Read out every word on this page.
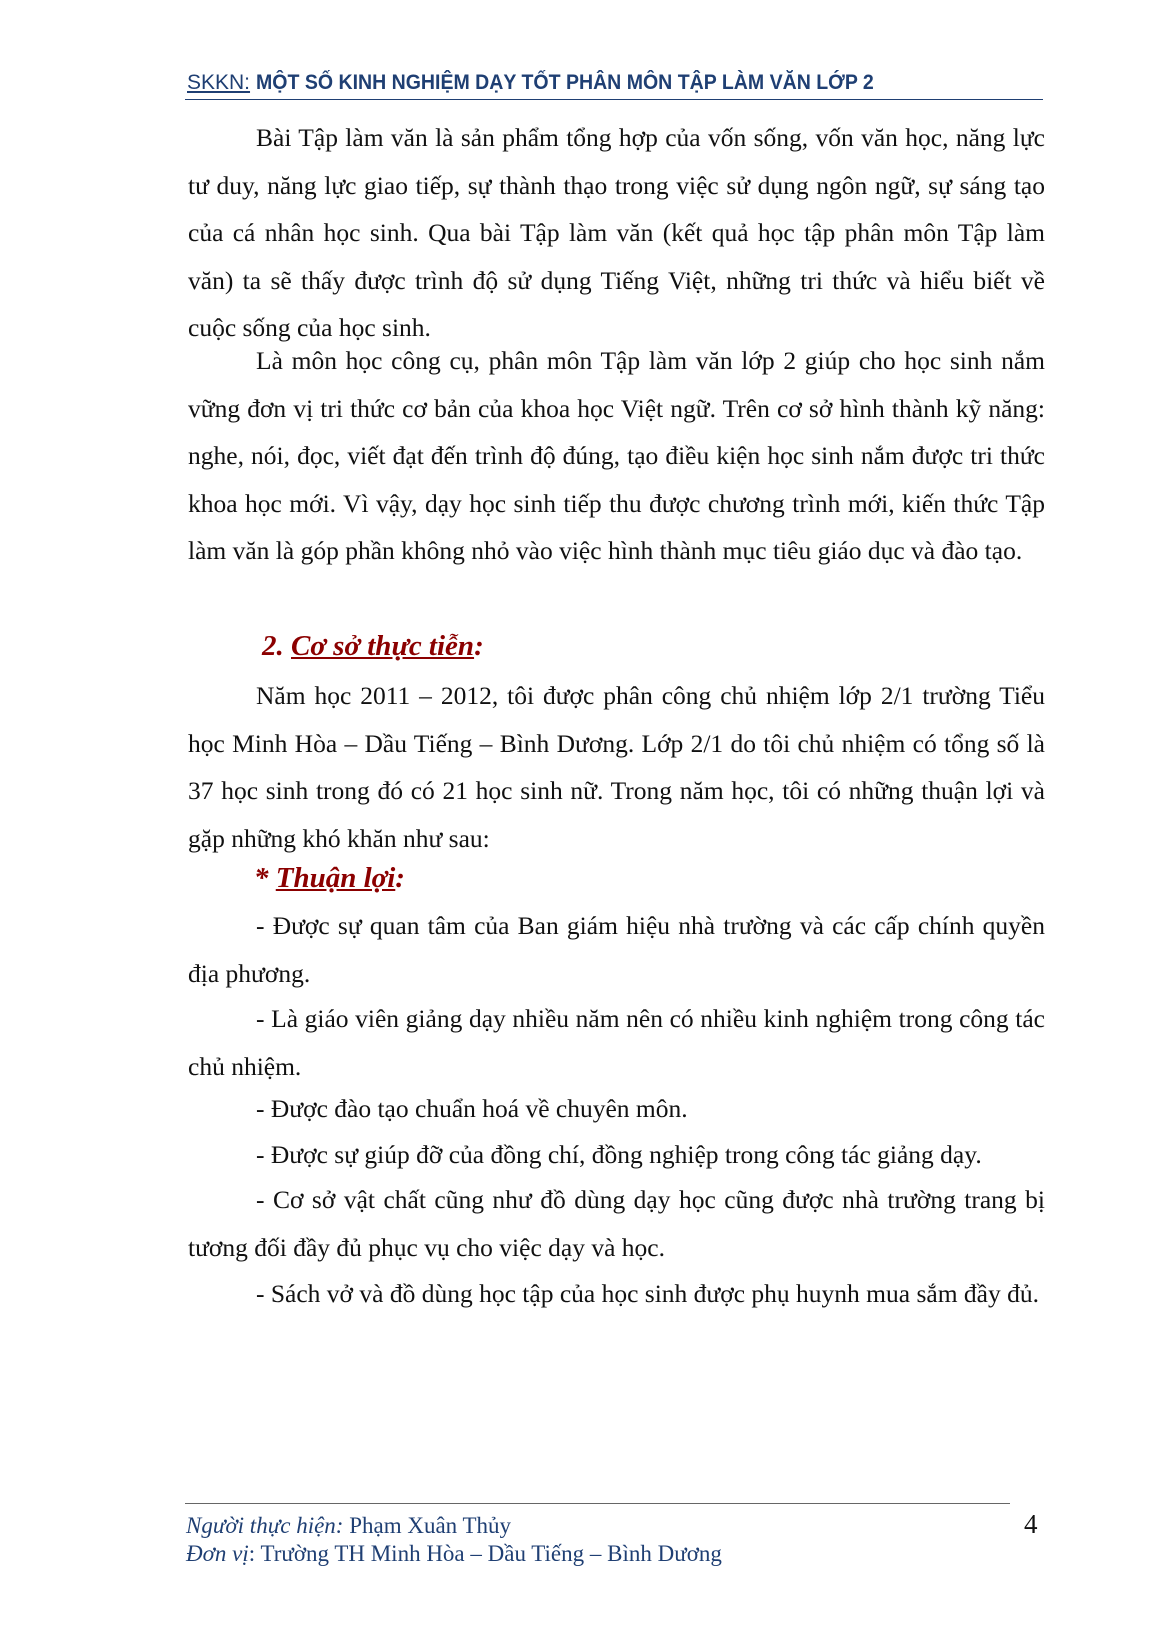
SKKN: MỘT SỐ KINH NGHIỆM DẠY TỐT PHÂN MÔN TẬP LÀM VĂN LỚP 2

Bài Tập làm văn là sản phẩm tổng hợp của vốn sống, vốn văn học, năng lực tư duy, năng lực giao tiếp, sự thành thạo trong việc sử dụng ngôn ngữ, sự sáng tạo của cá nhân học sinh. Qua bài Tập làm văn (kết quả học tập phân môn Tập làm văn) ta sẽ thấy được trình độ sử dụng Tiếng Việt, những tri thức và hiểu biết về cuộc sống của học sinh.

Là môn học công cụ, phân môn Tập làm văn lớp 2 giúp cho học sinh nắm vững đơn vị tri thức cơ bản của khoa học Việt ngữ. Trên cơ sở hình thành kỹ năng: nghe, nói, đọc, viết đạt đến trình độ đúng, tạo điều kiện học sinh nắm được tri thức khoa học mới. Vì vậy, dạy học sinh tiếp thu được chương trình mới, kiến thức Tập làm văn là góp phần không nhỏ vào việc hình thành mục tiêu giáo dục và đào tạo.

2. Cơ sở thực tiễn:

Năm học 2011 – 2012, tôi được phân công chủ nhiệm lớp 2/1 trường Tiểu học Minh Hòa – Dầu Tiếng – Bình Dương. Lớp 2/1 do tôi chủ nhiệm có tổng số là 37 học sinh trong đó có 21 học sinh nữ. Trong năm học, tôi có những thuận lợi và gặp những khó khăn như sau:

* Thuận lợi:

- Được sự quan tâm của Ban giám hiệu nhà trường và các cấp chính quyền địa phương.

- Là giáo viên giảng dạy nhiều năm nên có nhiều kinh nghiệm trong công tác chủ nhiệm.

- Được đào tạo chuẩn hoá về chuyên môn.

- Được sự giúp đỡ của đồng chí, đồng nghiệp trong công tác giảng dạy.

- Cơ sở vật chất cũng như đồ dùng dạy học cũng được nhà trường trang bị tương đối đầy đủ phục vụ cho việc dạy và học.

- Sách vở và đồ dùng học tập của học sinh được phụ huynh mua sắm đầy đủ.

Người thực hiện: Phạm Xuân Thủy
Đơn vị: Trường TH Minh Hòa – Dầu Tiếng – Bình Dương
4
